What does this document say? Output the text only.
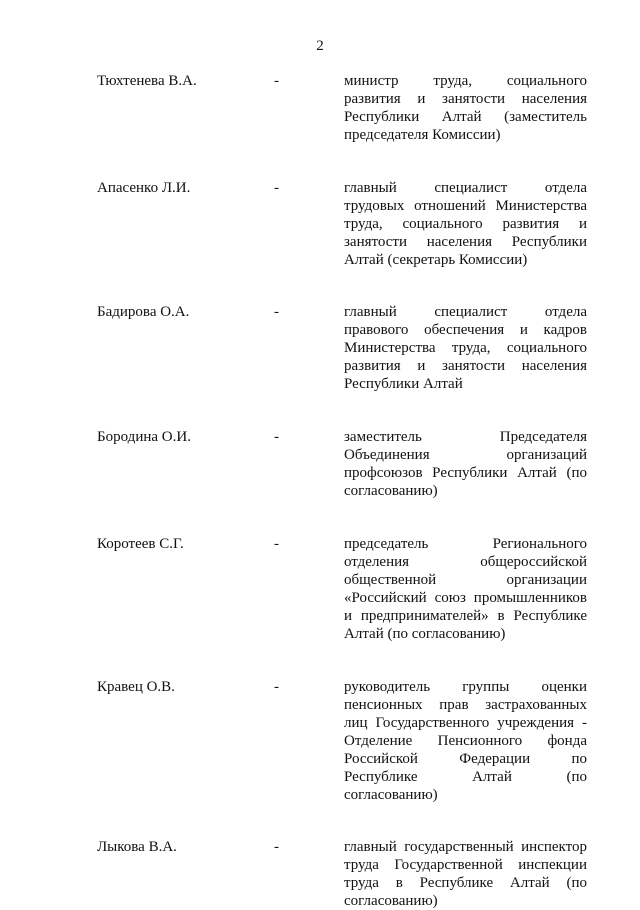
2
Тюхтенева В.А.	-	министр труда, социального
развития и занятости населения
Республики Алтай (заместитель
председателя Комиссии)
Апасенко Л.И.	-	главный специалист отдела
трудовых отношений Министерства
труда, социального развития и
занятости населения Республики
Алтай (секретарь Комиссии)
Бадирова О.А.	-	главный специалист отдела
правового обеспечения и кадров
Министерства труда, социального
развития и занятости населения
Республики Алтай
Бородина О.И.	-	заместитель Председателя
Объединения организаций
профсоюзов Республики Алтай (по
согласованию)
Коротеев С.Г.	-	председатель Регионального
отделения общероссийской
общественной организации
«Российский союз промышленников
и предпринимателей» в Республике
Алтай (по согласованию)
Кравец О.В.	-	руководитель группы оценки
пенсионных прав застрахованных
лиц Государственного учреждения -
Отделение Пенсионного фонда
Российской Федерации по
Республике Алтай (по
согласованию)
Лыкова В.А.	-	главный государственный инспектор
труда Государственной инспекции
труда в Республике Алтай (по
согласованию)
